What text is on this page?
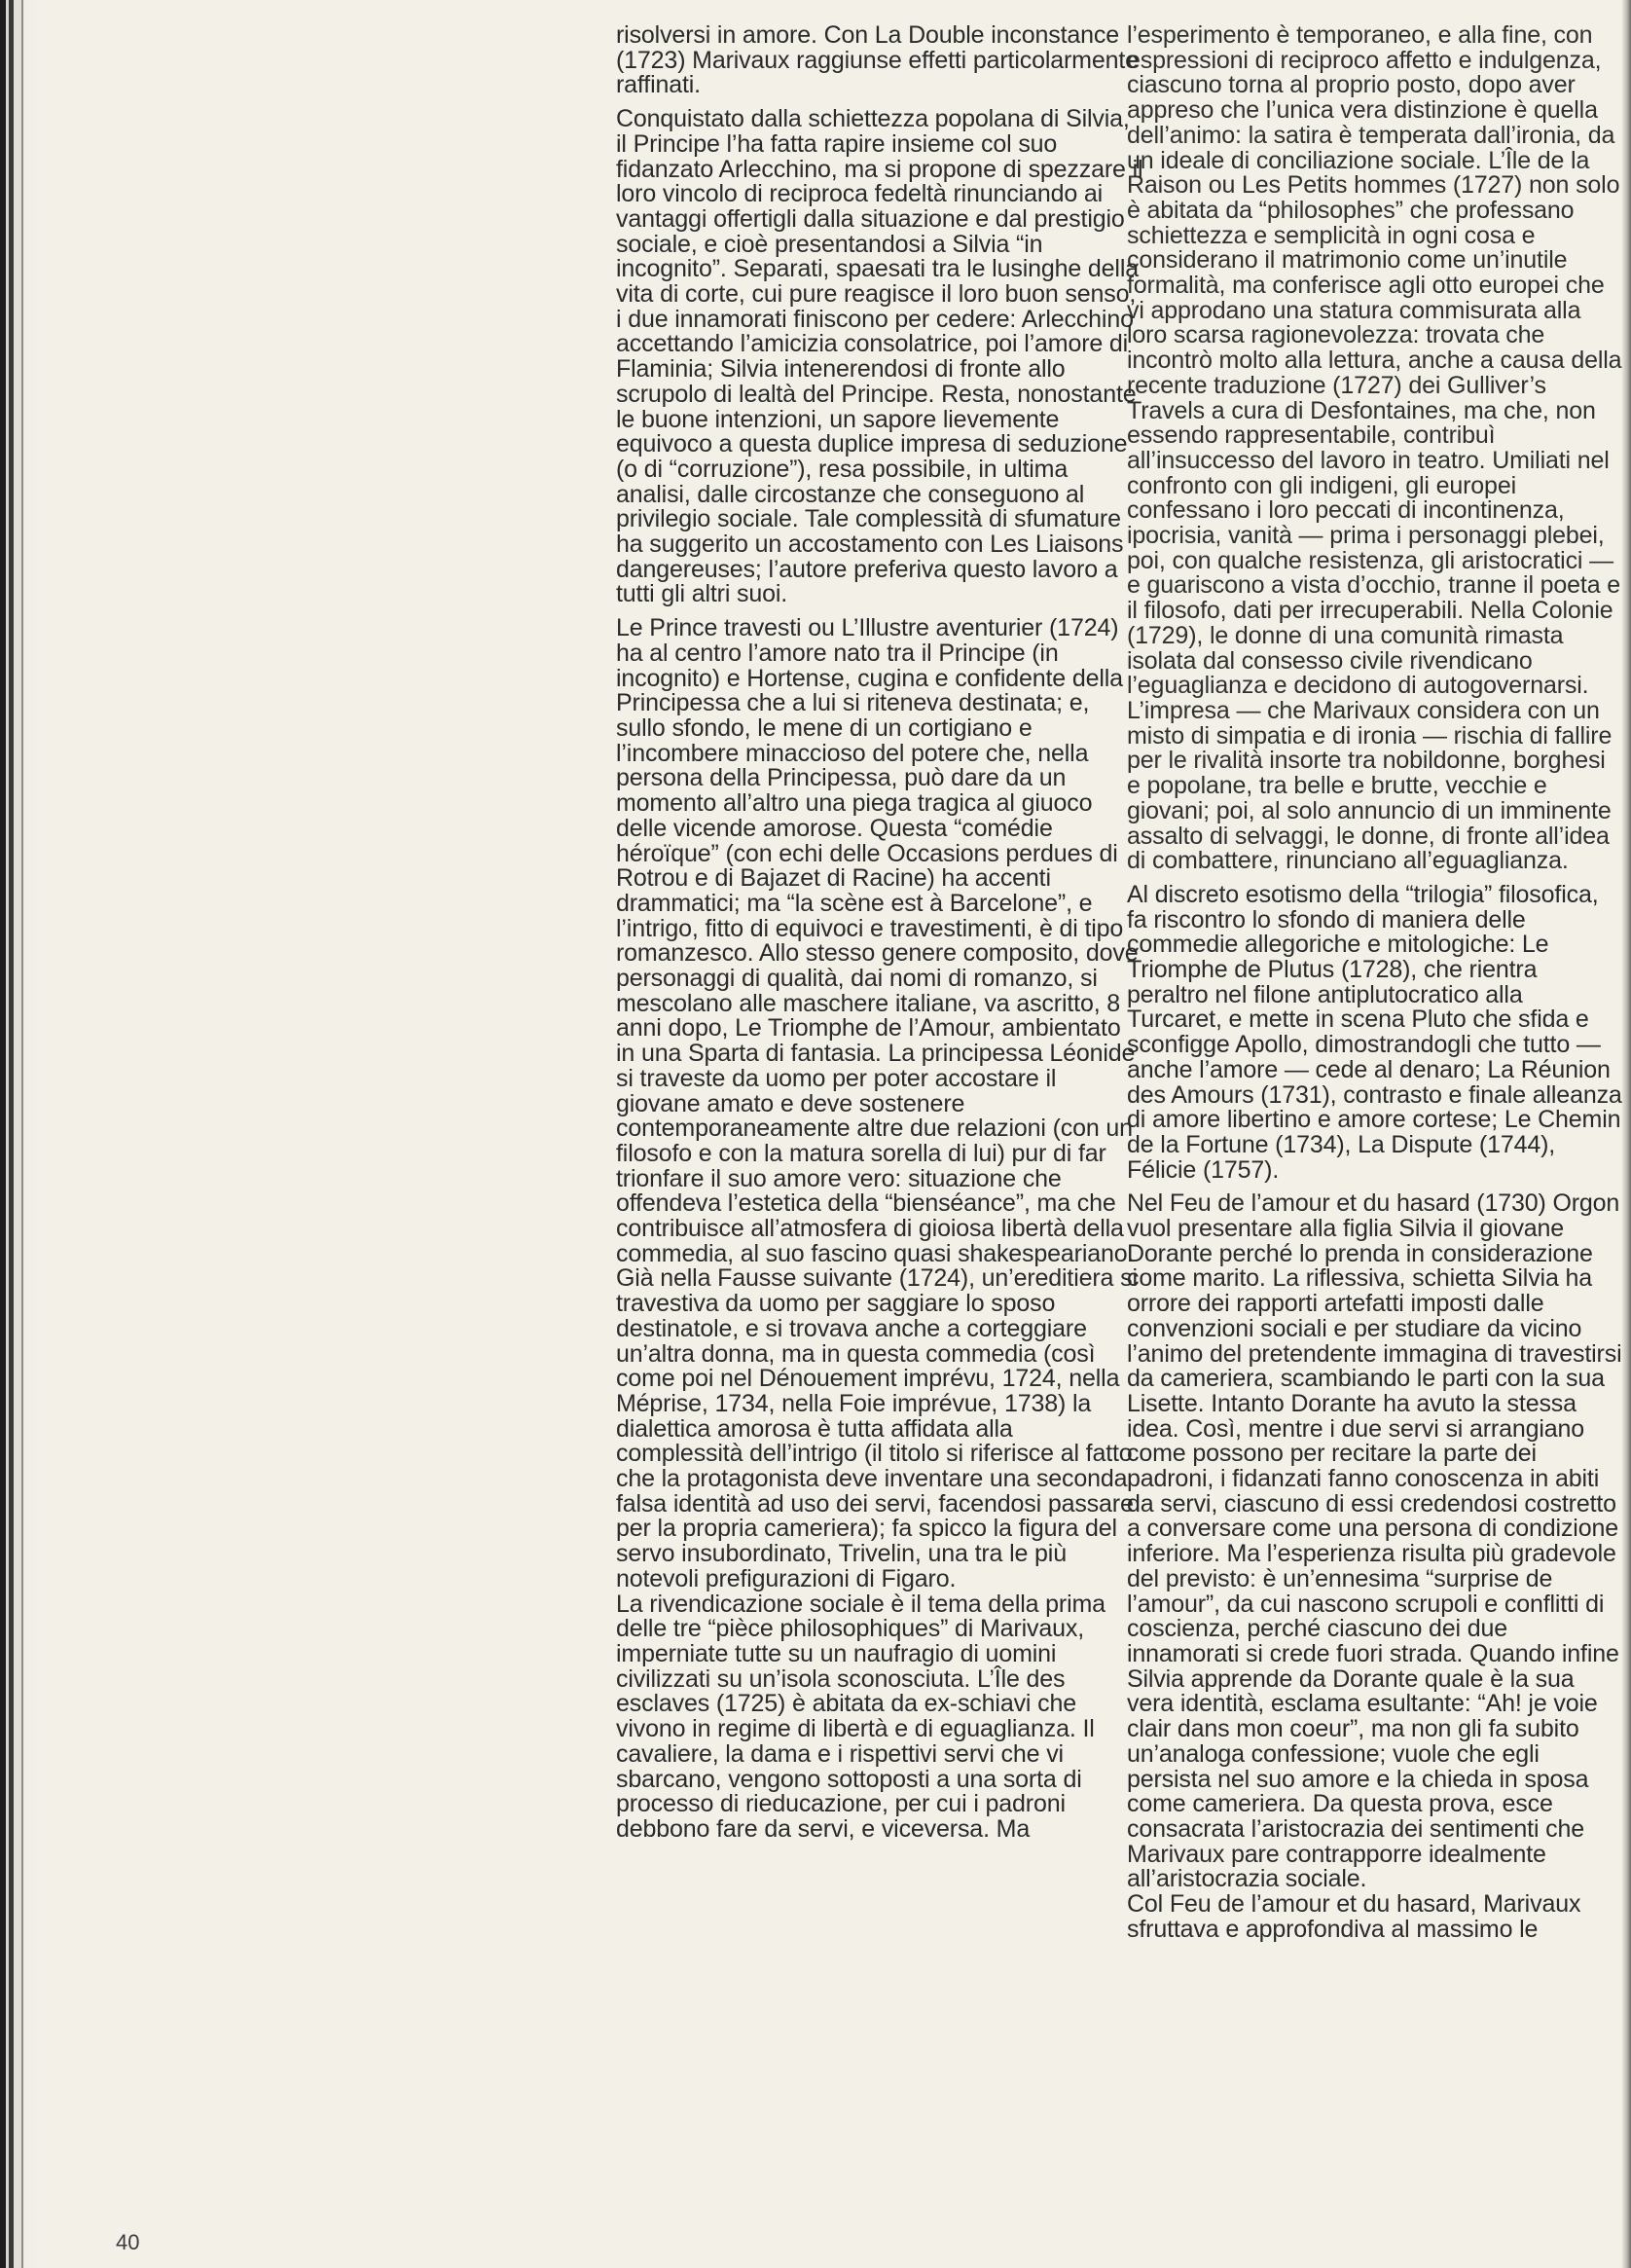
risolversi in amore. Con La Double inconstance (1723) Marivaux raggiunse effetti particolarmente raffinati.

Conquistato dalla schiettezza popolana di Silvia, il Principe l’ha fatta rapire insieme col suo fidanzato Arlecchino, ma si propone di spezzare il loro vincolo di reciproca fedeltà rinunciando ai vantaggi offertigli dalla situazione e dal prestigio sociale, e cioè presentandosi a Silvia “in incognito”. Separati, spaesati tra le lusinghe della vita di corte, cui pure reagisce il loro buon senso, i due innamorati finiscono per cedere: Arlecchino accettando l’amicizia consolatrice, poi l’amore di Flaminia; Silvia intenerendosi di fronte allo scrupolo di lealtà del Principe. Resta, nonostante le buone intenzioni, un sapore lievemente equivoco a questa duplice impresa di seduzione (o di “corruzione”), resa possibile, in ultima analisi, dalle circostanze che conseguono al privilegio sociale. Tale complessità di sfumature ha suggerito un accostamento con Les Liaisons dangereuses; l’autore preferiva questo lavoro a tutti gli altri suoi.

Le Prince travesti ou L’Illustre aventurier (1724) ha al centro l’amore nato tra il Principe (in incognito) e Hortense, cugina e confidente della Principessa che a lui si riteneva destinata; e, sullo sfondo, le mene di un cortigiano e l’incombere minaccioso del potere che, nella persona della Principessa, può dare da un momento all’altro una piega tragica al giuoco delle vicende amorose. Questa “comédie héroïque” (con echi delle Occasions perdues di Rotrou e di Bajazet di Racine) ha accenti drammatici; ma “la scène est à Barcelone”, e l’intrigo, fitto di equivoci e travestimenti, è di tipo romanzesco. Allo stesso genere composito, dove personaggi di qualità, dai nomi di romanzo, si mescolano alle maschere italiane, va ascritto, 8 anni dopo, Le Triomphe de l’Amour, ambientato in una Sparta di fantasia. La principessa Léonide si traveste da uomo per poter accostare il giovane amato e deve sostenere contemporaneamente altre due relazioni (con un filosofo e con la matura sorella di lui) pur di far trionfare il suo amore vero: situazione che offendeva l’estetica della “bienséance”, ma che contribuisce all’atmosfera di gioiosa libertà della commedia, al suo fascino quasi shakespeariano. Già nella Fausse suivante (1724), un’ereditiera si travestiva da uomo per saggiare lo sposo destinatole, e si trovava anche a corteggiare un’altra donna, ma in questa commedia (così come poi nel Dénouement imprévu, 1724, nella Méprise, 1734, nella Foie imprévue, 1738) la dialettica amorosa è tutta affidata alla complessità dell’intrigo (il titolo si riferisce al fatto che la protagonista deve inventare una seconda falsa identità ad uso dei servi, facendosi passare per la propria cameriera); fa spicco la figura del servo insubordinato, Trivelin, una tra le più notevoli prefigurazioni di Figaro.

La rivendicazione sociale è il tema della prima delle tre “pièce philosophiques” di Marivaux, imperniate tutte su un naufragio di uomini civilizzati su un’isola sconosciuta. L’Île des esclaves (1725) è abitata da ex-schiavi che vivono in regime di libertà e di eguaglianza. Il cavaliere, la dama e i rispettivi servi che vi sbarcano, vengono sottoposti a una sorta di processo di rieducazione, per cui i padroni debbono fare da servi, e viceversa. Ma

l’esperimento è temporaneo, e alla fine, con espressioni di reciproco affetto e indulgenza, ciascuno torna al proprio posto, dopo aver appreso che l’unica vera distinzione è quella dell’animo: la satira è temperata dall’ironia, da un ideale di conciliazione sociale. L’Île de la Raison ou Les Petits hommes (1727) non solo è abitata da “philosophes” che professano schiettezza e semplicità in ogni cosa e considerano il matrimonio come un’inutile formalità, ma conferisce agli otto europei che vi approdano una statura commisurata alla loro scarsa ragionevolezza: trovata che incontrò molto alla lettura, anche a causa della recente traduzione (1727) dei Gulliver’s Travels a cura di Desfontaines, ma che, non essendo rappresentabile, contribuì all’insuccesso del lavoro in teatro. Umiliati nel confronto con gli indigeni, gli europei confessano i loro peccati di incontinenza, ipocrisia, vanità — prima i personaggi plebei, poi, con qualche resistenza, gli aristocratici — e guariscono a vista d’occhio, tranne il poeta e il filosofo, dati per irrecuperabili. Nella Colonie (1729), le donne di una comunità rimasta isolata dal consesso civile rivendicano l’eguaglianza e decidono di autogovernarsi. L’impresa — che Marivaux considera con un misto di simpatia e di ironia — rischia di fallire per le rivalità insorte tra nobildonne, borghesi e popolane, tra belle e brutte, vecchie e giovani; poi, al solo annuncio di un imminente assalto di selvaggi, le donne, di fronte all’idea di combattere, rinunciano all’eguaglianza.

Al discreto esotismo della “trilogia” filosofica, fa riscontro lo sfondo di maniera delle commedie allegoriche e mitologiche: Le Triomphe de Plutus (1728), che rientra peraltro nel filone antiplutocratico alla Turcaret, e mette in scena Pluto che sfida e sconfigge Apollo, dimostrandogli che tutto — anche l’amore — cede al denaro; La Réunion des Amours (1731), contrasto e finale alleanza di amore libertino e amore cortese; Le Chemin de la Fortune (1734), La Dispute (1744), Félicie (1757).

Nel Feu de l’amour et du hasard (1730) Orgon vuol presentare alla figlia Silvia il giovane Dorante perché lo prenda in considerazione come marito. La riflessiva, schietta Silvia ha orrore dei rapporti artefatti imposti dalle convenzioni sociali e per studiare da vicino l’animo del pretendente immagina di travestirsi da cameriera, scambiando le parti con la sua Lisette. Intanto Dorante ha avuto la stessa idea. Così, mentre i due servi si arrangiano come possono per recitare la parte dei padroni, i fidanzati fanno conoscenza in abiti da servi, ciascuno di essi credendosi costretto a conversare come una persona di condizione inferiore. Ma l’esperienza risulta più gradevole del previsto: è un’ennesima “surprise de l’amour”, da cui nascono scrupoli e conflitti di coscienza, perché ciascuno dei due innamorati si crede fuori strada. Quando infine Silvia apprende da Dorante quale è la sua vera identità, esclama esultante: “Ah! je voie clair dans mon coeur”, ma non gli fa subito un’analoga confessione; vuole che egli persista nel suo amore e la chieda in sposa come cameriera. Da questa prova, esce consacrata l’aristocrazia dei sentimenti che Marivaux pare contrapporre idealmente all’aristocrazia sociale.

Col Feu de l’amour et du hasard, Marivaux sfruttava e approfondiva al massimo le

40
